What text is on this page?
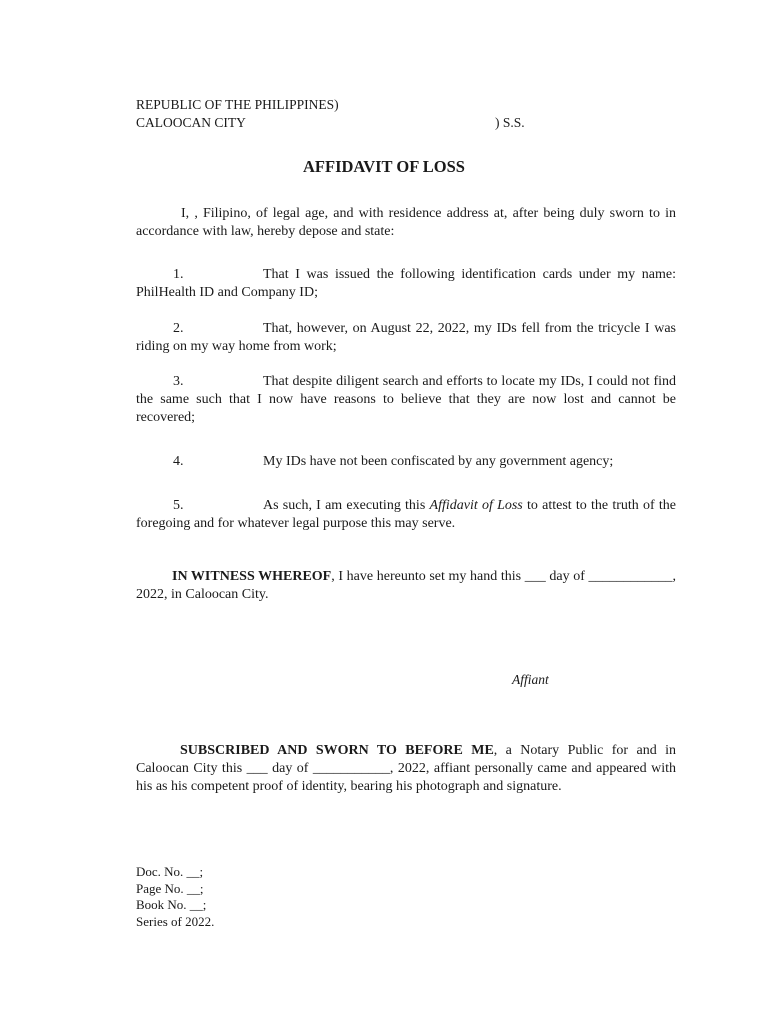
REPUBLIC OF THE PHILIPPINES)
CALOOCAN CITY	) S.S.
AFFIDAVIT OF LOSS
I, , Filipino, of legal age, and with residence address at, after being duly sworn to in accordance with law, hereby depose and state:
1.	That I was issued the following identification cards under my name: PhilHealth ID and Company ID;
2.	That, however, on August 22, 2022, my IDs fell from the tricycle I was riding on my way home from work;
3.	That despite diligent search and efforts to locate my IDs, I could not find the same such that I now have reasons to believe that they are now lost and cannot be recovered;
4.	My IDs have not been confiscated by any government agency;
5.	As such, I am executing this Affidavit of Loss to attest to the truth of the foregoing and for whatever legal purpose this may serve.
IN WITNESS WHEREOF, I have hereunto set my hand this ___ day of ____________, 2022, in Caloocan City.
Affiant
SUBSCRIBED AND SWORN TO BEFORE ME, a Notary Public for and in Caloocan City this ___ day of ___________, 2022, affiant personally came and appeared with his as his competent proof of identity, bearing his photograph and signature.
Doc. No. __;
Page No. __;
Book No. __;
Series of 2022.
